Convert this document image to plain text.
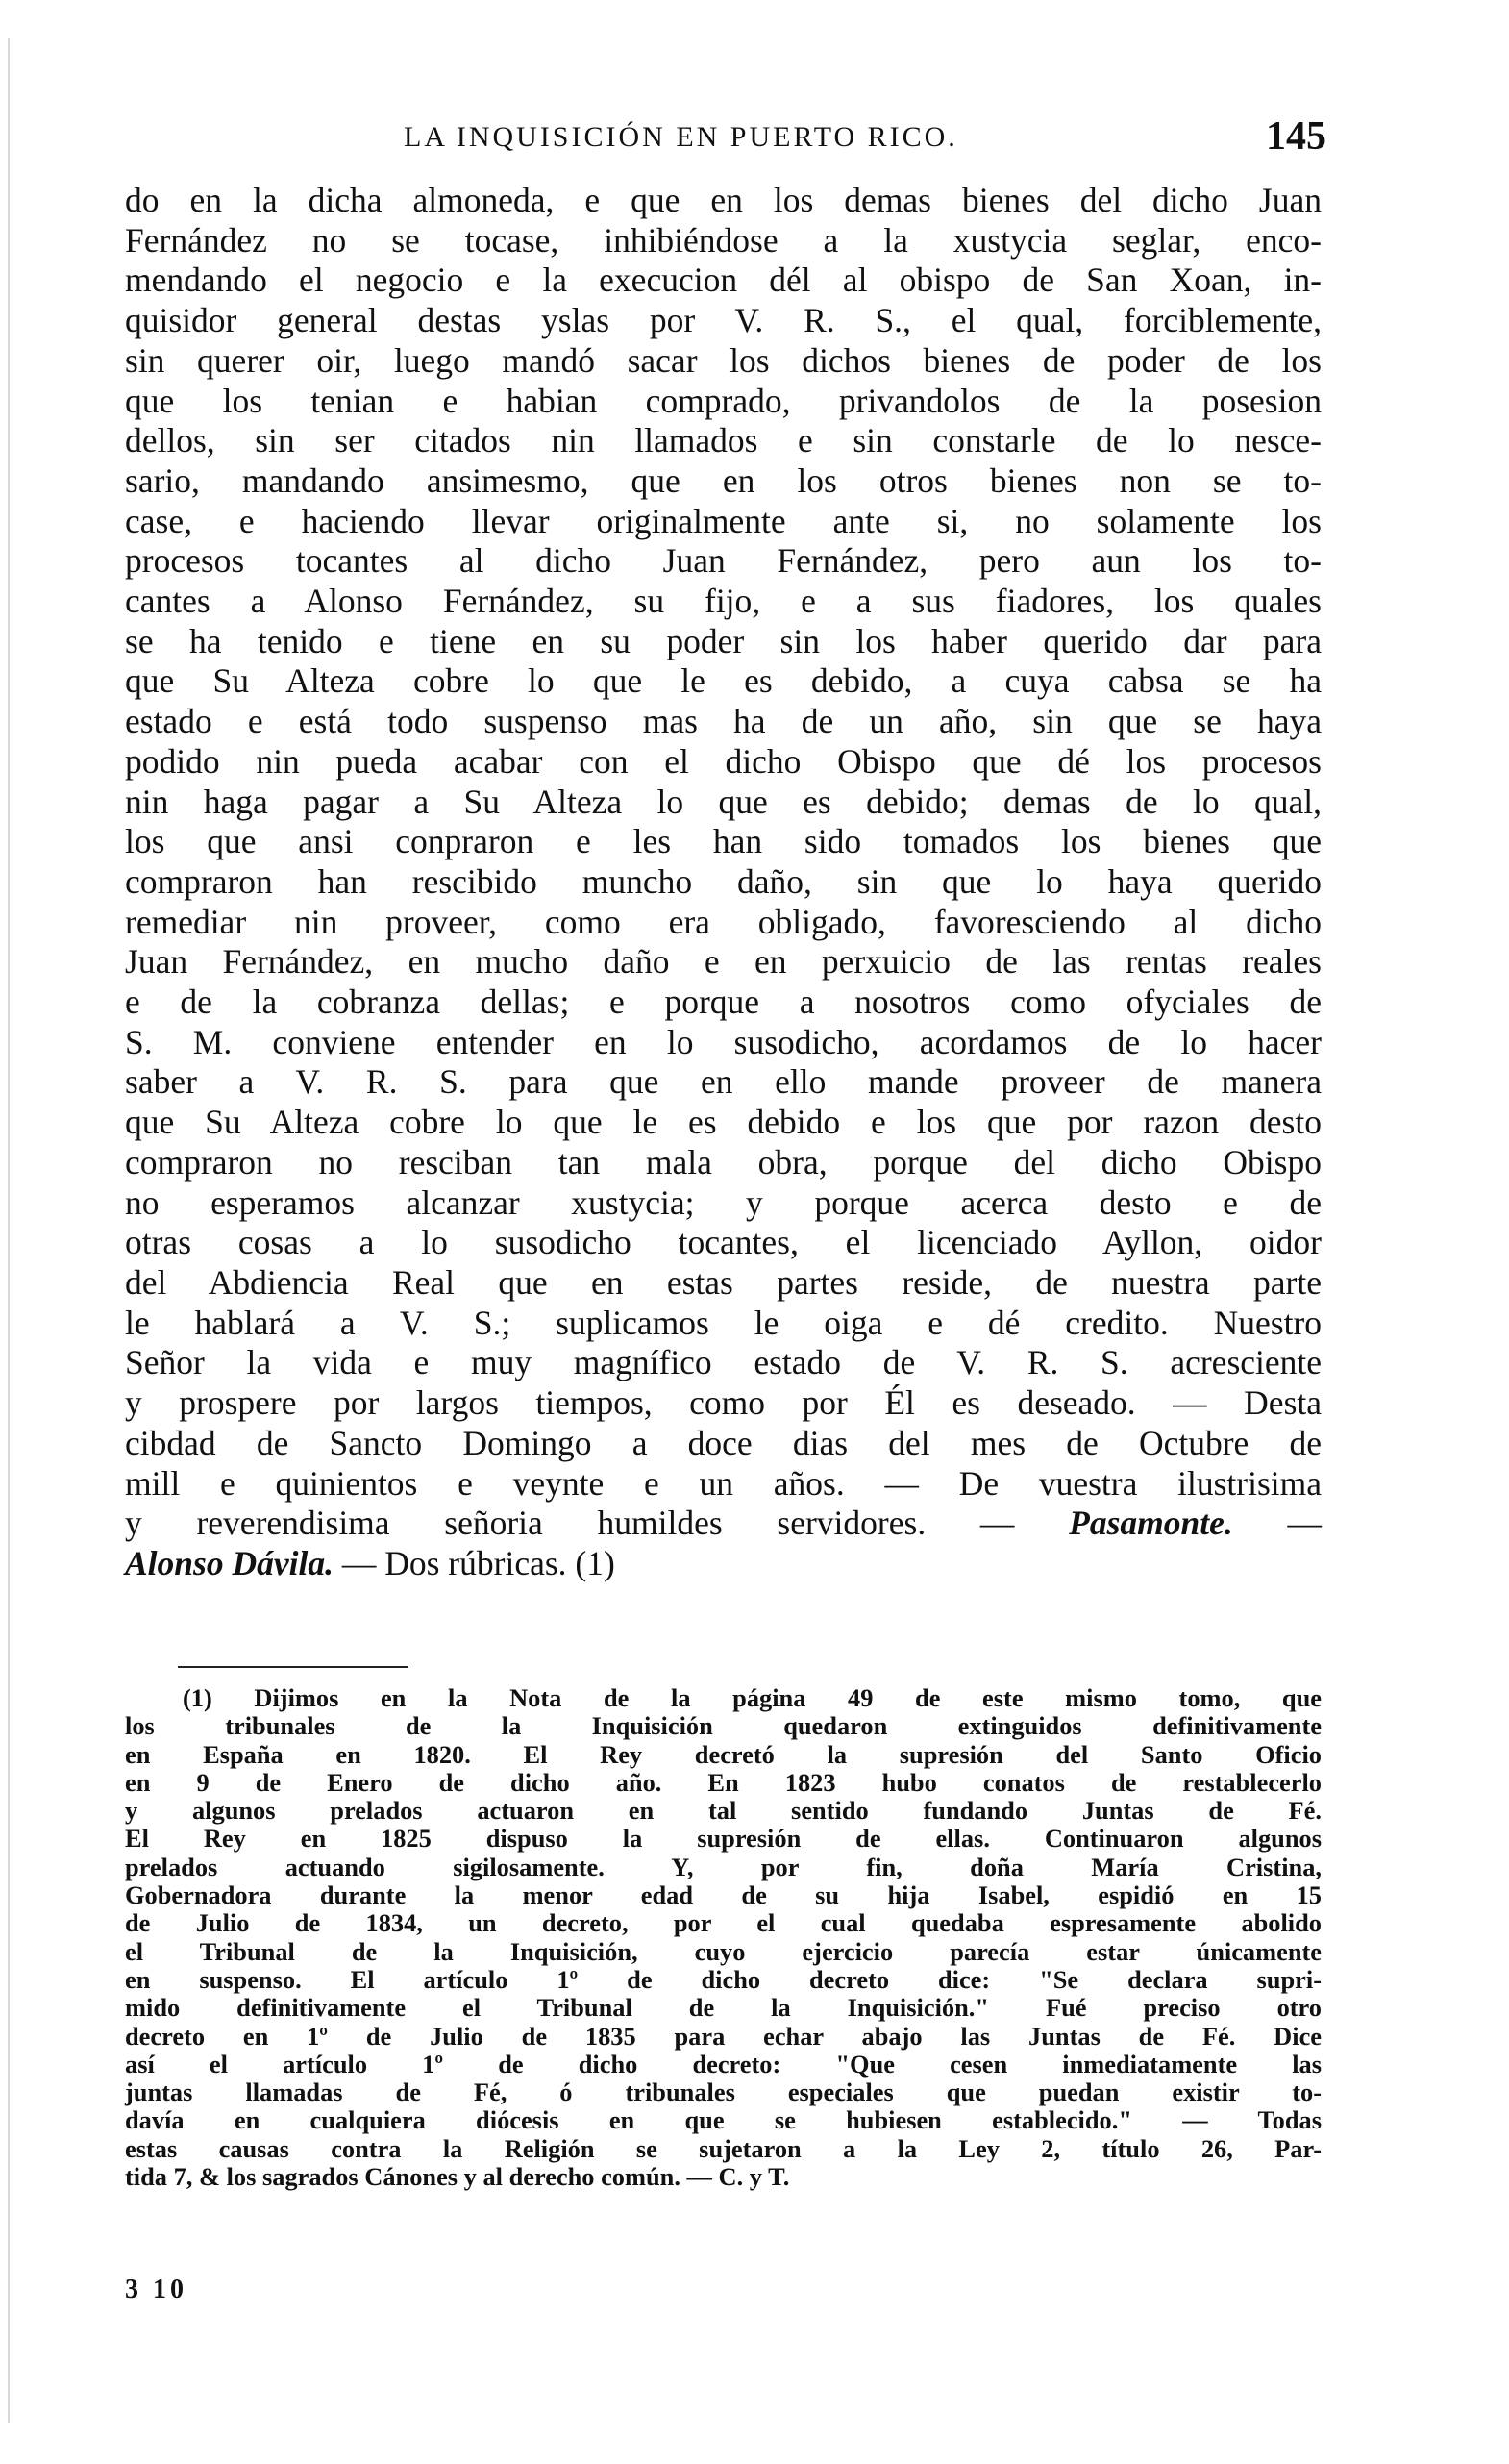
LA INQUISICIÓN EN PUERTO RICO.	145
do en la dicha almoneda, e que en los demas bienes del dicho Juan
Fernández no se tocase, inhibiéndose a la xustycia seglar, enco-
mendando el negocio e la execucion dél al obispo de San Xoan, in-
quisidor general destas yslas por V. R. S., el qual, forciblemente,
sin querer oir, luego mandó sacar los dichos bienes de poder de los
que los tenian e habian comprado, privandolos de la posesion
dellos, sin ser citados nin llamados e sin constarle de lo nesce-
sario, mandando ansimesmo, que en los otros bienes non se to-
case, e haciendo llevar originalmente ante si, no solamente los
procesos tocantes al dicho Juan Fernández, pero aun los to-
cantes a Alonso Fernández, su fijo, e a sus fiadores, los quales
se ha tenido e tiene en su poder sin los haber querido dar para
que Su Alteza cobre lo que le es debido, a cuya cabsa se ha
estado e está todo suspenso mas ha de un año, sin que se haya
podido nin pueda acabar con el dicho Obispo que dé los procesos
nin haga pagar a Su Alteza lo que es debido; demas de lo qual,
los que ansi conpraron e les han sido tomados los bienes que
compraron han rescibido muncho daño, sin que lo haya querido
remediar nin proveer, como era obligado, favoresciendo al dicho
Juan Fernández, en mucho daño e en perxuicio de las rentas reales
e de la cobranza dellas; e porque a nosotros como ofyciales de
S. M. conviene entender en lo susodicho, acordamos de lo hacer
saber a V. R. S. para que en ello mande proveer de manera
que Su Alteza cobre lo que le es debido e los que por razon desto
compraron no resciban tan mala obra, porque del dicho Obispo
no esperamos alcanzar xustycia; y porque acerca desto e de
otras cosas a lo susodicho tocantes, el licenciado Ayllon, oidor
del Abdiencia Real que en estas partes reside, de nuestra parte
le hablará a V. S.; suplicamos le oiga e dé credito. Nuestro
Señor la vida e muy magnífico estado de V. R. S. acresciente
y prospere por largos tiempos, como por Él es deseado. — Desta
cibdad de Sancto Domingo a doce dias del mes de Octubre de
mill e quinientos e veynte e un años. — De vuestra ilustrisima
y reverendisima señoria humildes servidores. — Pasamonte. —
Alonso Dávila. — Dos rúbricas. (1)
(1) Dijimos en la Nota de la página 49 de este mismo tomo, que
los tribunales de la Inquisición quedaron extinguidos definitivamente
en España en 1820. El Rey decretó la supresión del Santo Oficio
en 9 de Enero de dicho año. En 1823 hubo conatos de restablecerlo
y algunos prelados actuaron en tal sentido fundando Juntas de Fé.
El Rey en 1825 dispuso la supresión de ellas. Continuaron algunos
prelados actuando sigilosamente. Y, por fin, doña María Cristina,
Gobernadora durante la menor edad de su hija Isabel, espidió en 15
de Julio de 1834, un decreto, por el cual quedaba espresamente abolido
el Tribunal de la Inquisición, cuyo ejercicio parecía estar únicamente
en suspenso. El artículo 1º de dicho decreto dice: "Se declara supri-
mido definitivamente el Tribunal de la Inquisición." Fué preciso otro
decreto en 1º de Julio de 1835 para echar abajo las Juntas de Fé. Dice
así el artículo 1º de dicho decreto: "Que cesen inmediatamente las
juntas llamadas de Fé, ó tribunales especiales que puedan existir to-
davía en cualquiera diócesis en que se hubiesen establecido." — Todas
estas causas contra la Religión se sujetaron a la Ley 2, título 26, Par-
tida 7, & los sagrados Cánones y al derecho común. — C. y T.
3 10
